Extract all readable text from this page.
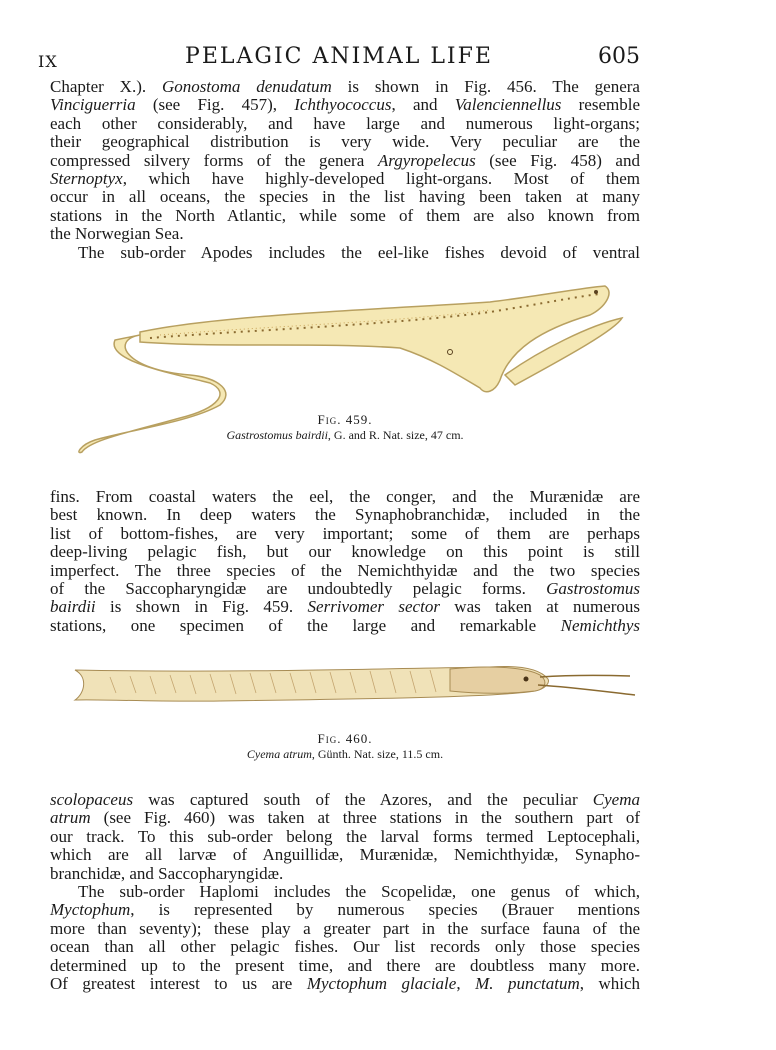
IX	PELAGIC ANIMAL LIFE	605
Chapter X.). Gonostoma denudatum is shown in Fig. 456. The genera
Vinciguerria (see Fig. 457), Ichthyococcus, and Valenciennellus resemble
each other considerably, and have large and numerous light-organs;
their geographical distribution is very wide. Very peculiar are the
compressed silvery forms of the genera Argyropelecus (see Fig. 458) and
Sternoptyx, which have highly-developed light-organs. Most of them
occur in all oceans, the species in the list having been taken at many
stations in the North Atlantic, while some of them are also known from
the Norwegian Sea.
The sub-order Apodes includes the eel-like fishes devoid of ventral
Fig. 459.
Gastrostomus bairdii, G. and R. Nat. size, 47 cm.
fins. From coastal waters the eel, the conger, and the Murænidæ are
best known. In deep waters the Synaphobranchidæ, included in the
list of bottom-fishes, are very important; some of them are perhaps
deep-living pelagic fish, but our knowledge on this point is still
imperfect. The three species of the Nemichthyidæ and the two species
of the Saccopharyngidæ are undoubtedly pelagic forms. Gastrostomus
bairdii is shown in Fig. 459. Serrivomer sector was taken at numerous
stations, one specimen of the large and remarkable Nemichthys
Fig. 460.
Cyema atrum, Günth. Nat. size, 11.5 cm.
scolopaceus was captured south of the Azores, and the peculiar Cyema
atrum (see Fig. 460) was taken at three stations in the southern part of
our track. To this sub-order belong the larval forms termed Leptocephali,
which are all larvæ of Anguillidæ, Murænidæ, Nemichthyidæ, Synapho-
branchidæ, and Saccopharyngidæ.
The sub-order Haplomi includes the Scopelidæ, one genus of which,
Myctophum, is represented by numerous species (Brauer mentions
more than seventy); these play a greater part in the surface fauna of the
ocean than all other pelagic fishes. Our list records only those species
determined up to the present time, and there are doubtless many more.
Of greatest interest to us are Myctophum glaciale, M. punctatum, which
